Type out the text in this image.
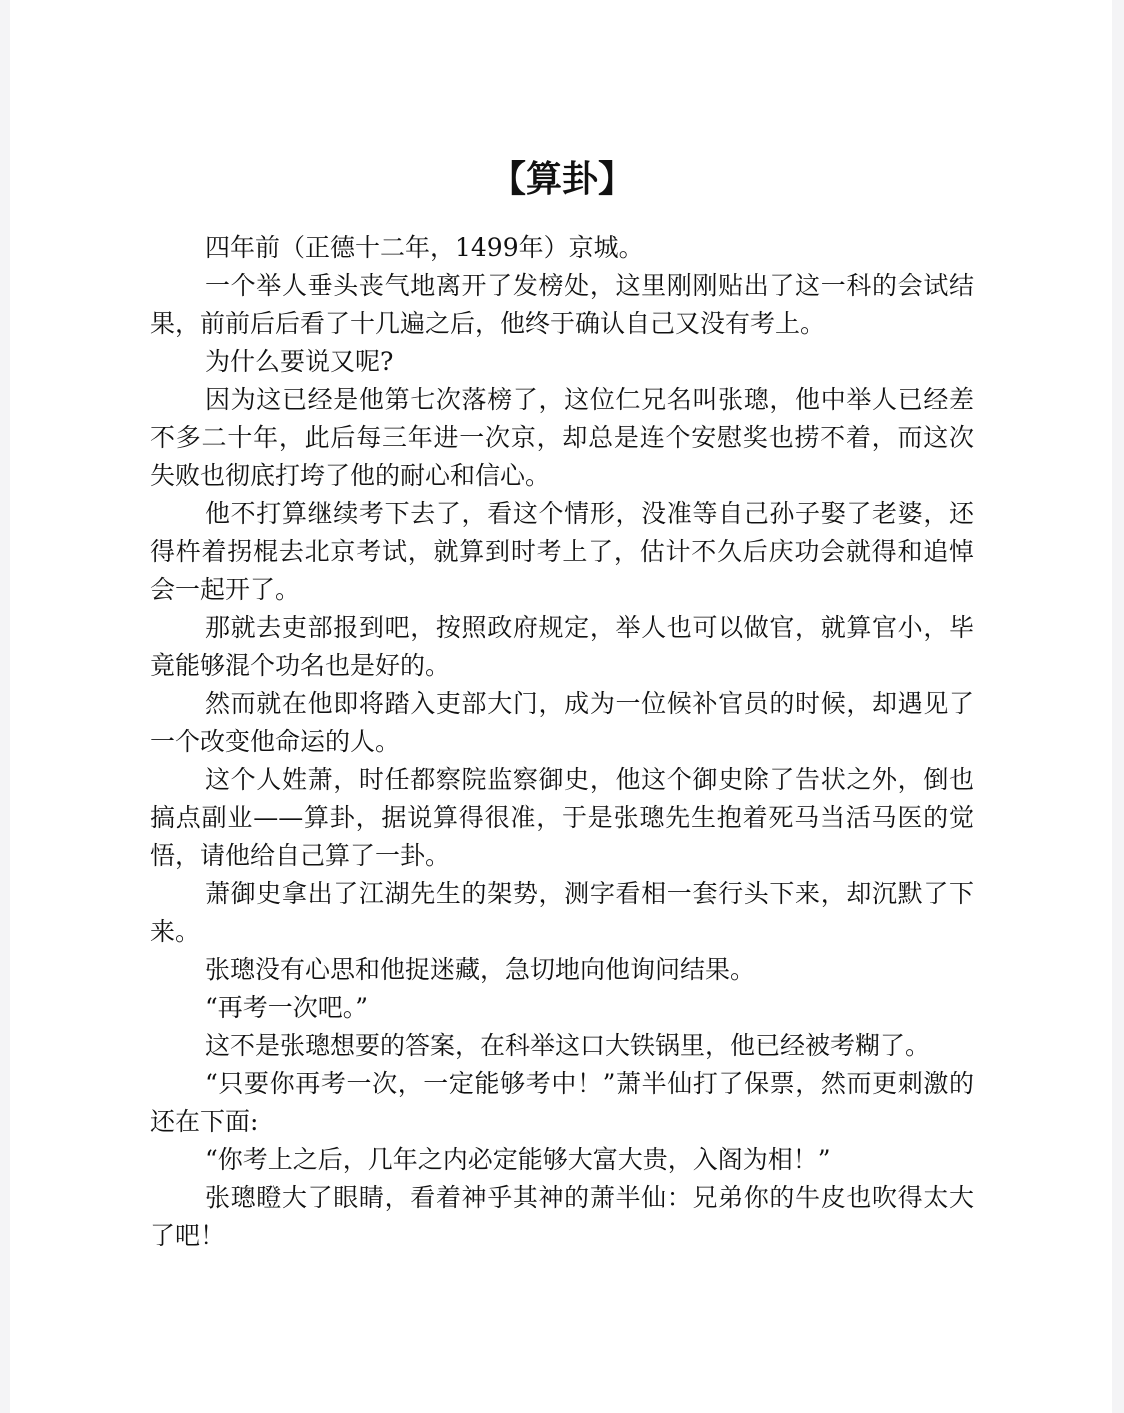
【算卦】

四年前（正德十二年，1499年）京城。

一个举人垂头丧气地离开了发榜处，这里刚刚贴出了这一科的会试结果，前前后后看了十几遍之后，他终于确认自己又没有考上。

为什么要说又呢?

因为这已经是他第七次落榜了，这位仁兄名叫张璁，他中举人已经差不多二十年，此后每三年进一次京，却总是连个安慰奖也捞不着，而这次失败也彻底打垮了他的耐心和信心。

他不打算继续考下去了，看这个情形，没准等自己孙子娶了老婆，还得杵着拐棍去北京考试，就算到时考上了，估计不久后庆功会就得和追悼会一起开了。

那就去吏部报到吧，按照政府规定，举人也可以做官，就算官小，毕竟能够混个功名也是好的。

然而就在他即将踏入吏部大门，成为一位候补官员的时候，却遇见了一个改变他命运的人。

这个人姓萧，时任都察院监察御史，他这个御史除了告状之外，倒也搞点副业——算卦，据说算得很准，于是张璁先生抱着死马当活马医的觉悟，请他给自己算了一卦。

萧御史拿出了江湖先生的架势，测字看相一套行头下来，却沉默了下来。

张璁没有心思和他捉迷藏，急切地向他询问结果。

“再考一次吧。”

这不是张璁想要的答案，在科举这口大铁锅里，他已经被考糊了。

“只要你再考一次，一定能够考中！”萧半仙打了保票，然而更刺激的还在下面:

“你考上之后，几年之内必定能够大富大贵，入阁为相！”

张璁瞪大了眼睛，看着神乎其神的萧半仙：兄弟你的牛皮也吹得太大了吧！
